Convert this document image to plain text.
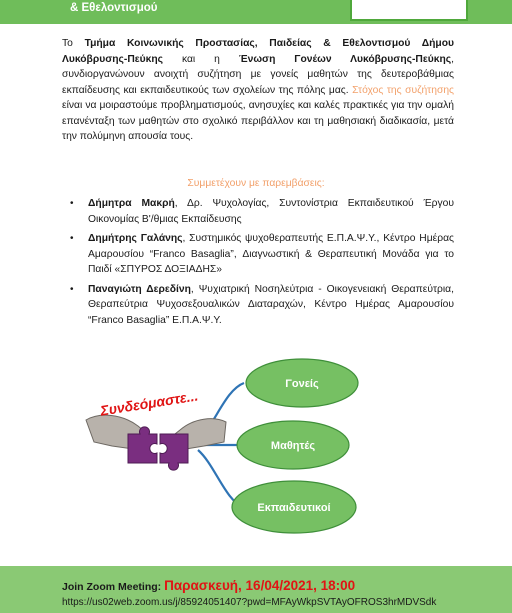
& Εθελοντισμού

Το Τμήμα Κοινωνικής Προστασίας, Παιδείας & Εθελοντισμού Δήμου Λυκόβρυσης-Πεύκης και η Ένωση Γονέων Λυκόβρυσης-Πεύκης, συνδιοργανώνουν ανοιχτή συζήτηση με γονείς μαθητών της δευτεροβάθμιας εκπαίδευσης και εκπαιδευτικούς των σχολείων της πόλης μας. Στόχος της συζήτησης είναι να μοιραστούμε προβληματισμούς, ανησυχίες και καλές πρακτικές για την ομαλή επανένταξη των μαθητών στο σχολικό περιβάλλον και τη μαθησιακή διαδικασία, μετά την πολύμηνη απουσία τους.

Συμμετέχουν με παρεμβάσεις:
• Δήμητρα Μακρή, Δρ. Ψυχολογίας, Συντονίστρια Εκπαιδευτικού Έργου Οικονομίας Β'/θμιας Εκπαίδευσης
• Δημήτρης Γαλάνης, Συστημικός ψυχοθεραπευτής Ε.Π.Α.Ψ.Υ., Κέντρο Ημέρας Αμαρουσίου “Franco Basaglia”, Διαγνωστική & Θεραπευτική Μονάδα για το Παιδί «ΣΠΥΡΟΣ ΔΟΞΙΑΔΗΣ»
• Παναγιώτη Δερεδίνη, Ψυχιατρική Νοσηλεύτρια - Οικογενειακή Θεραπεύτρια, Θεραπεύτρια Ψυχοσεξουαλικών Διαταραχών, Κέντρο Ημέρας Αμαρουσίου “Franco Basaglia” Ε.Π.Α.Ψ.Υ.
Συνδεόμαστε...
Γονείς
Μαθητές
Εκπαιδευτικοί
Join Zoom Meeting: Παρασκευή, 16/04/2021, 18:00
https://us02web.zoom.us/j/85924051407?pwd=MFAyWkpSVTAyOFROS3hrMDVSdk
